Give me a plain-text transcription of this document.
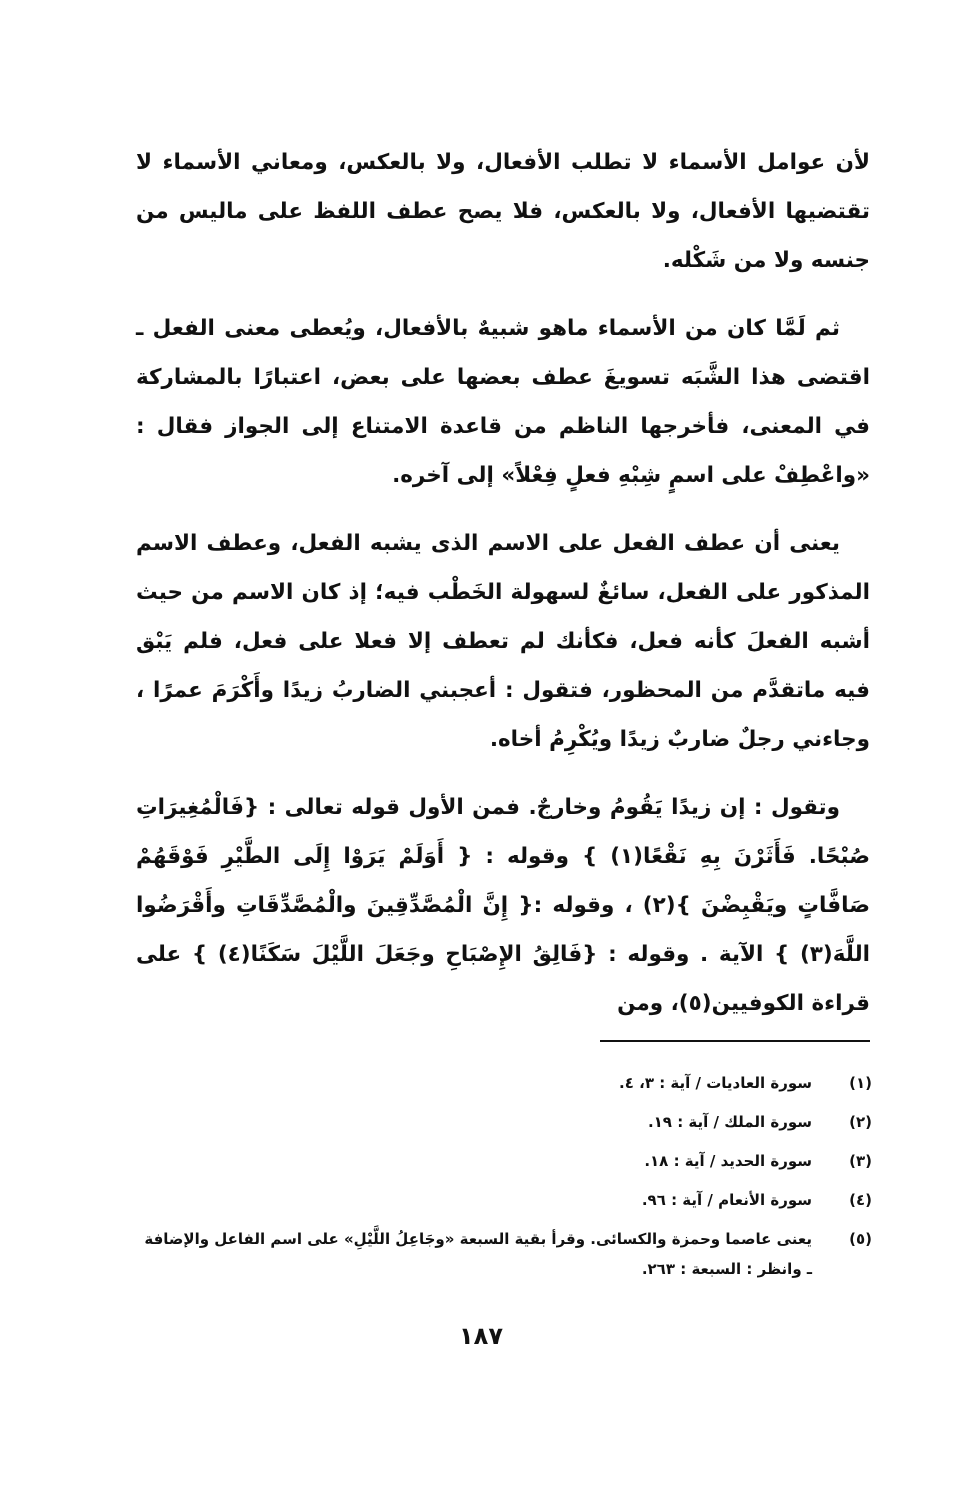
لأن عوامل الأسماء لا تطلب الأفعال، ولا بالعكس، ومعاني الأسماء لا تقتضيها الأفعال، ولا بالعكس، فلا يصح عطف اللفظ على ماليس من جنسه ولا من شَكْله.

ثم لَمَّا كان من الأسماء ماهو شبيهٌ بالأفعال، ويُعطى معنى الفعل ـ اقتضى هذا الشَّبَه تسويغَ عطف بعضها على بعض، اعتبارًا بالمشاركة في المعنى، فأخرجها الناظم من قاعدة الامتناع إلى الجواز فقال : «واعْطِفْ على اسمٍ شِبْهِ فعلٍ فِعْلاً» إلى آخره.

يعنى أن عطف الفعل على الاسم الذى يشبه الفعل، وعطف الاسم المذكور على الفعل، سائغٌ لسهولة الخَطْب فيه؛ إذ كان الاسم من حيث أشبه الفعلَ كأنه فعل، فكأنك لم تعطف إلا فعلا على فعل، فلم يَبْق فيه ماتقدَّم من المحظور، فتقول : أعجبني الضاربُ زيدًا وأَكْرَمَ عمرًا ، وجاءني رجلٌ ضاربٌ زيدًا ويُكْرِمُ أخاه.

وتقول : إن زيدًا يَقُومُ وخارجٌ. فمن الأول قوله تعالى : {فَالْمُغِيرَاتِ صُبْحًا. فَأَثَرْنَ بِهِ نَقْعًا(١) } وقوله : { أَوَلَمْ يَرَوْا إِلَى الطَّيْرِ فَوْقَهُمْ صَافَّاتٍ ويَقْبِضْنَ }(٢) ، وقوله :{ إِنَّ الْمُصَّدِّقِينَ والْمُصَّدِّقَاتِ وأَقْرَضُوا اللَّهَ(٣) } الآية . وقوله : {فَالِقُ الإِصْبَاحِ وجَعَلَ اللَّيْلَ سَكَنًا(٤) } على قراءة الكوفيين(٥)، ومن

(١)
سورة العاديات / آية : ٣، ٤.
(٢)
سورة الملك / آية : ١٩.
(٣)
سورة الحديد / آية : ١٨.
(٤)
سورة الأنعام / آية : ٩٦.
(٥)
يعنى عاصما وحمزة والكسائى. وقرأ بقية السبعة «وجَاعِلُ اللَّيْلِ» على اسم الفاعل والإضافة ـ وانظر : السبعة : ٢٦٣.
١٨٧
